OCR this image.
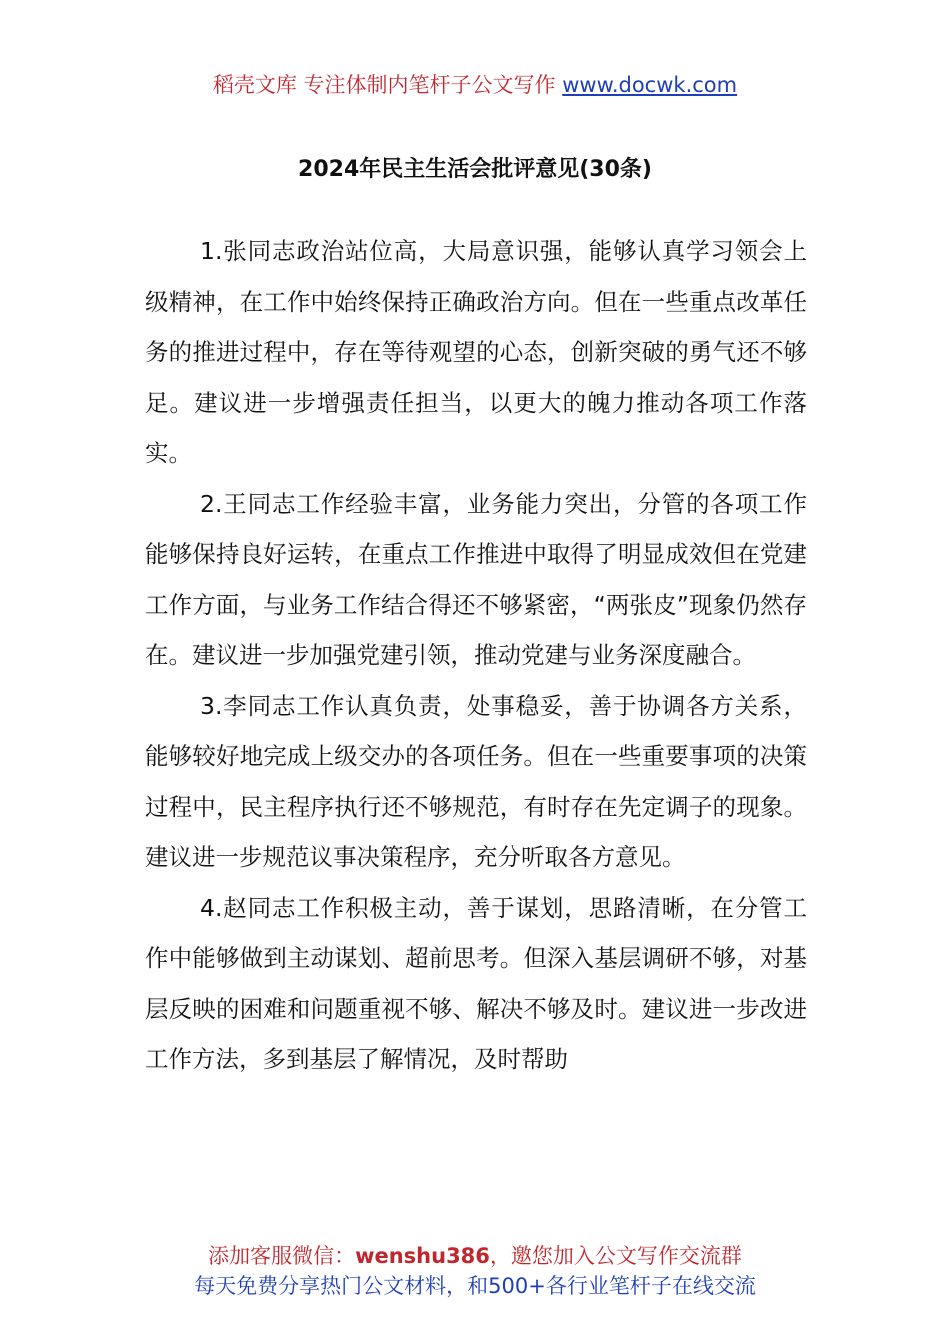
稻壳文库 专注体制内笔杆子公文写作 www.docwk.com
2024年民主生活会批评意见(30条)

1.张同志政治站位高，大局意识强，能够认真学习领会上级精神，在工作中始终保持正确政治方向。但在一些重点改革任务的推进过程中，存在等待观望的心态，创新突破的勇气还不够足。建议进一步增强责任担当，以更大的魄力推动各项工作落实。

2.王同志工作经验丰富，业务能力突出，分管的各项工作能够保持良好运转，在重点工作推进中取得了明显成效但在党建工作方面，与业务工作结合得还不够紧密，“两张皮”现象仍然存在。建议进一步加强党建引领，推动党建与业务深度融合。

3.李同志工作认真负责，处事稳妥，善于协调各方关系，能够较好地完成上级交办的各项任务。但在一些重要事项的决策过程中，民主程序执行还不够规范，有时存在先定调子的现象。建议进一步规范议事决策程序，充分听取各方意见。

4.赵同志工作积极主动，善于谋划，思路清晰，在分管工作中能够做到主动谋划、超前思考。但深入基层调研不够，对基层反映的困难和问题重视不够、解决不够及时。建议进一步改进工作方法，多到基层了解情况，及时帮助

添加客服微信：wenshu386，邀您加入公文写作交流群
每天免费分享热门公文材料，和500+各行业笔杆子在线交流
